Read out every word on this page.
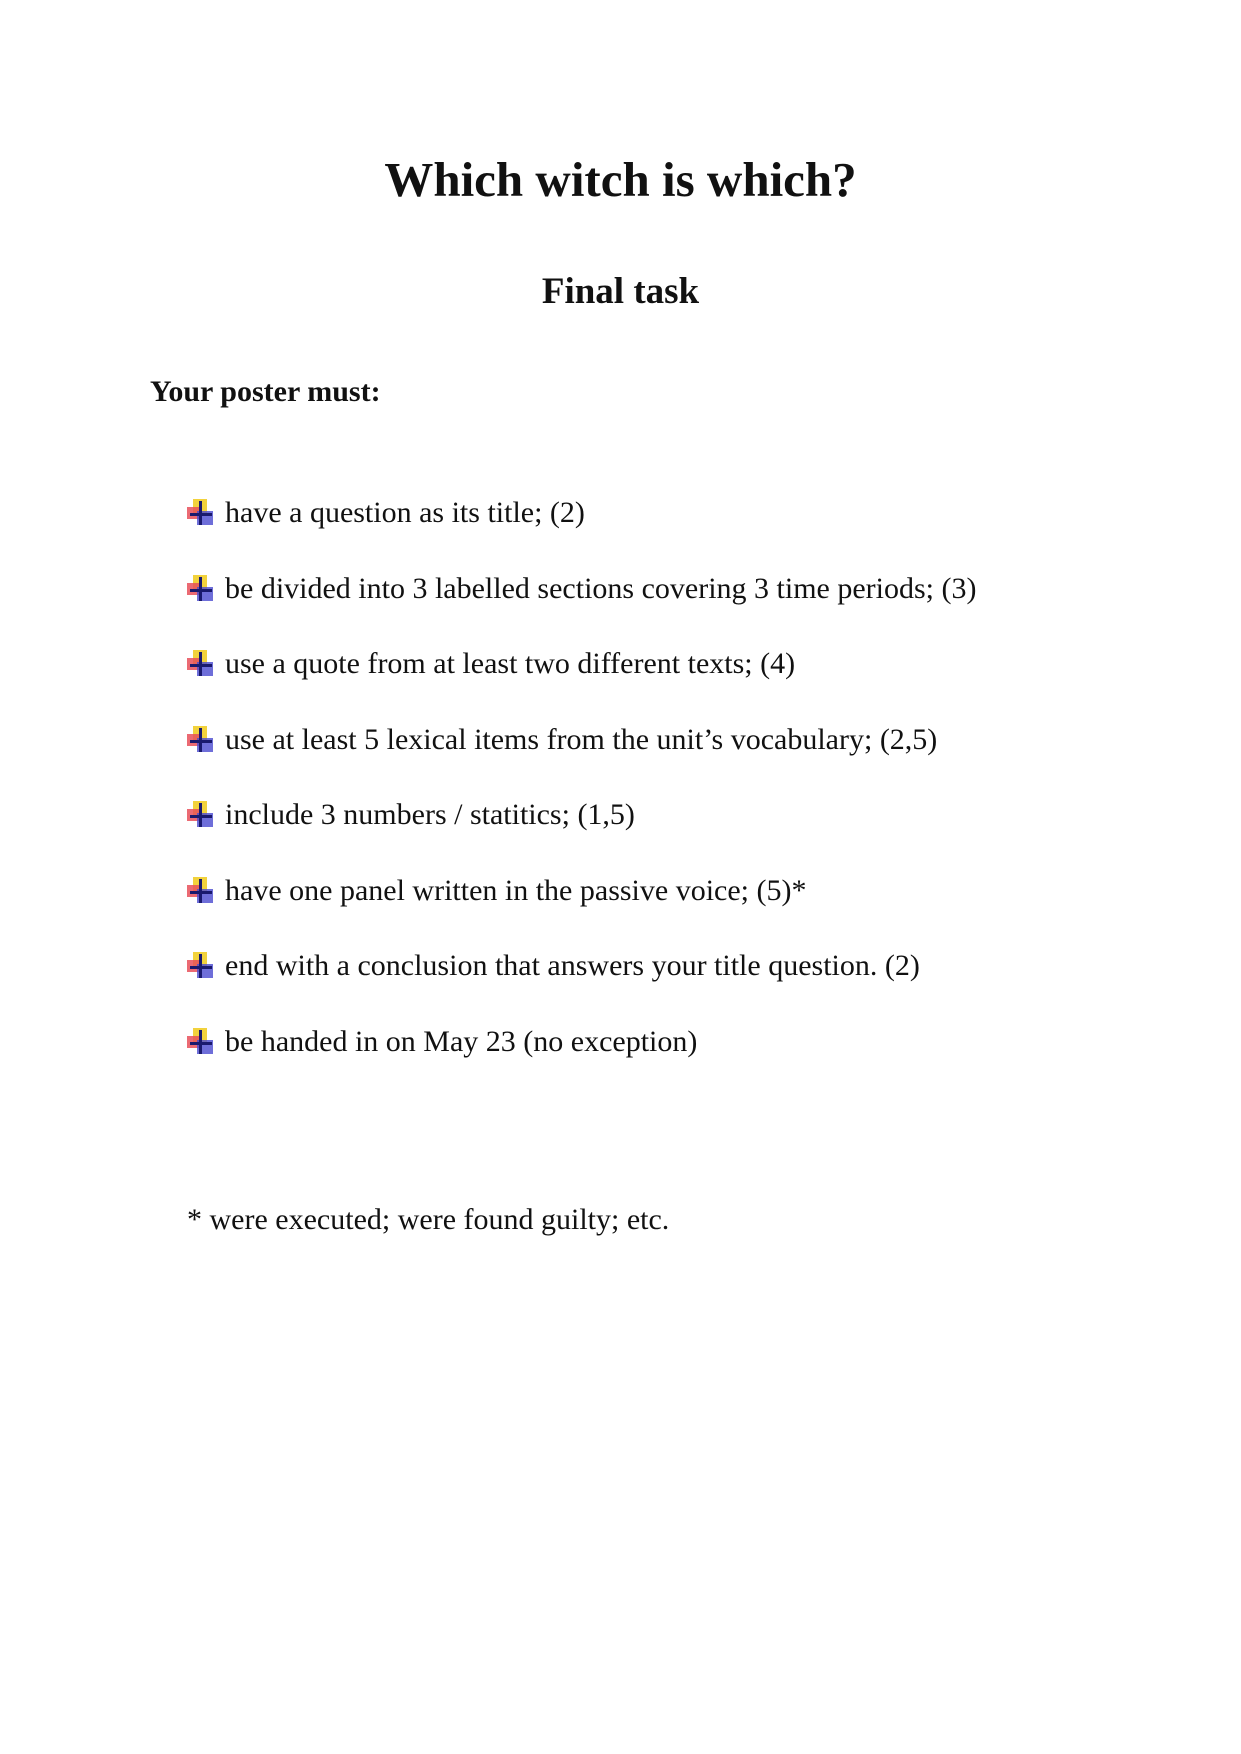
Which witch is which?
Final task

Your poster must:

have a question as its title; (2)
be divided into 3 labelled sections covering 3 time periods; (3)
use a quote from at least two different texts; (4)
use at least 5 lexical items from the unit’s vocabulary; (2,5)
include 3 numbers / statitics; (1,5)
have one panel written in the passive voice; (5)*
end with a conclusion that answers your title question. (2)
be handed in on May 23 (no exception)

* were executed; were found guilty; etc.
